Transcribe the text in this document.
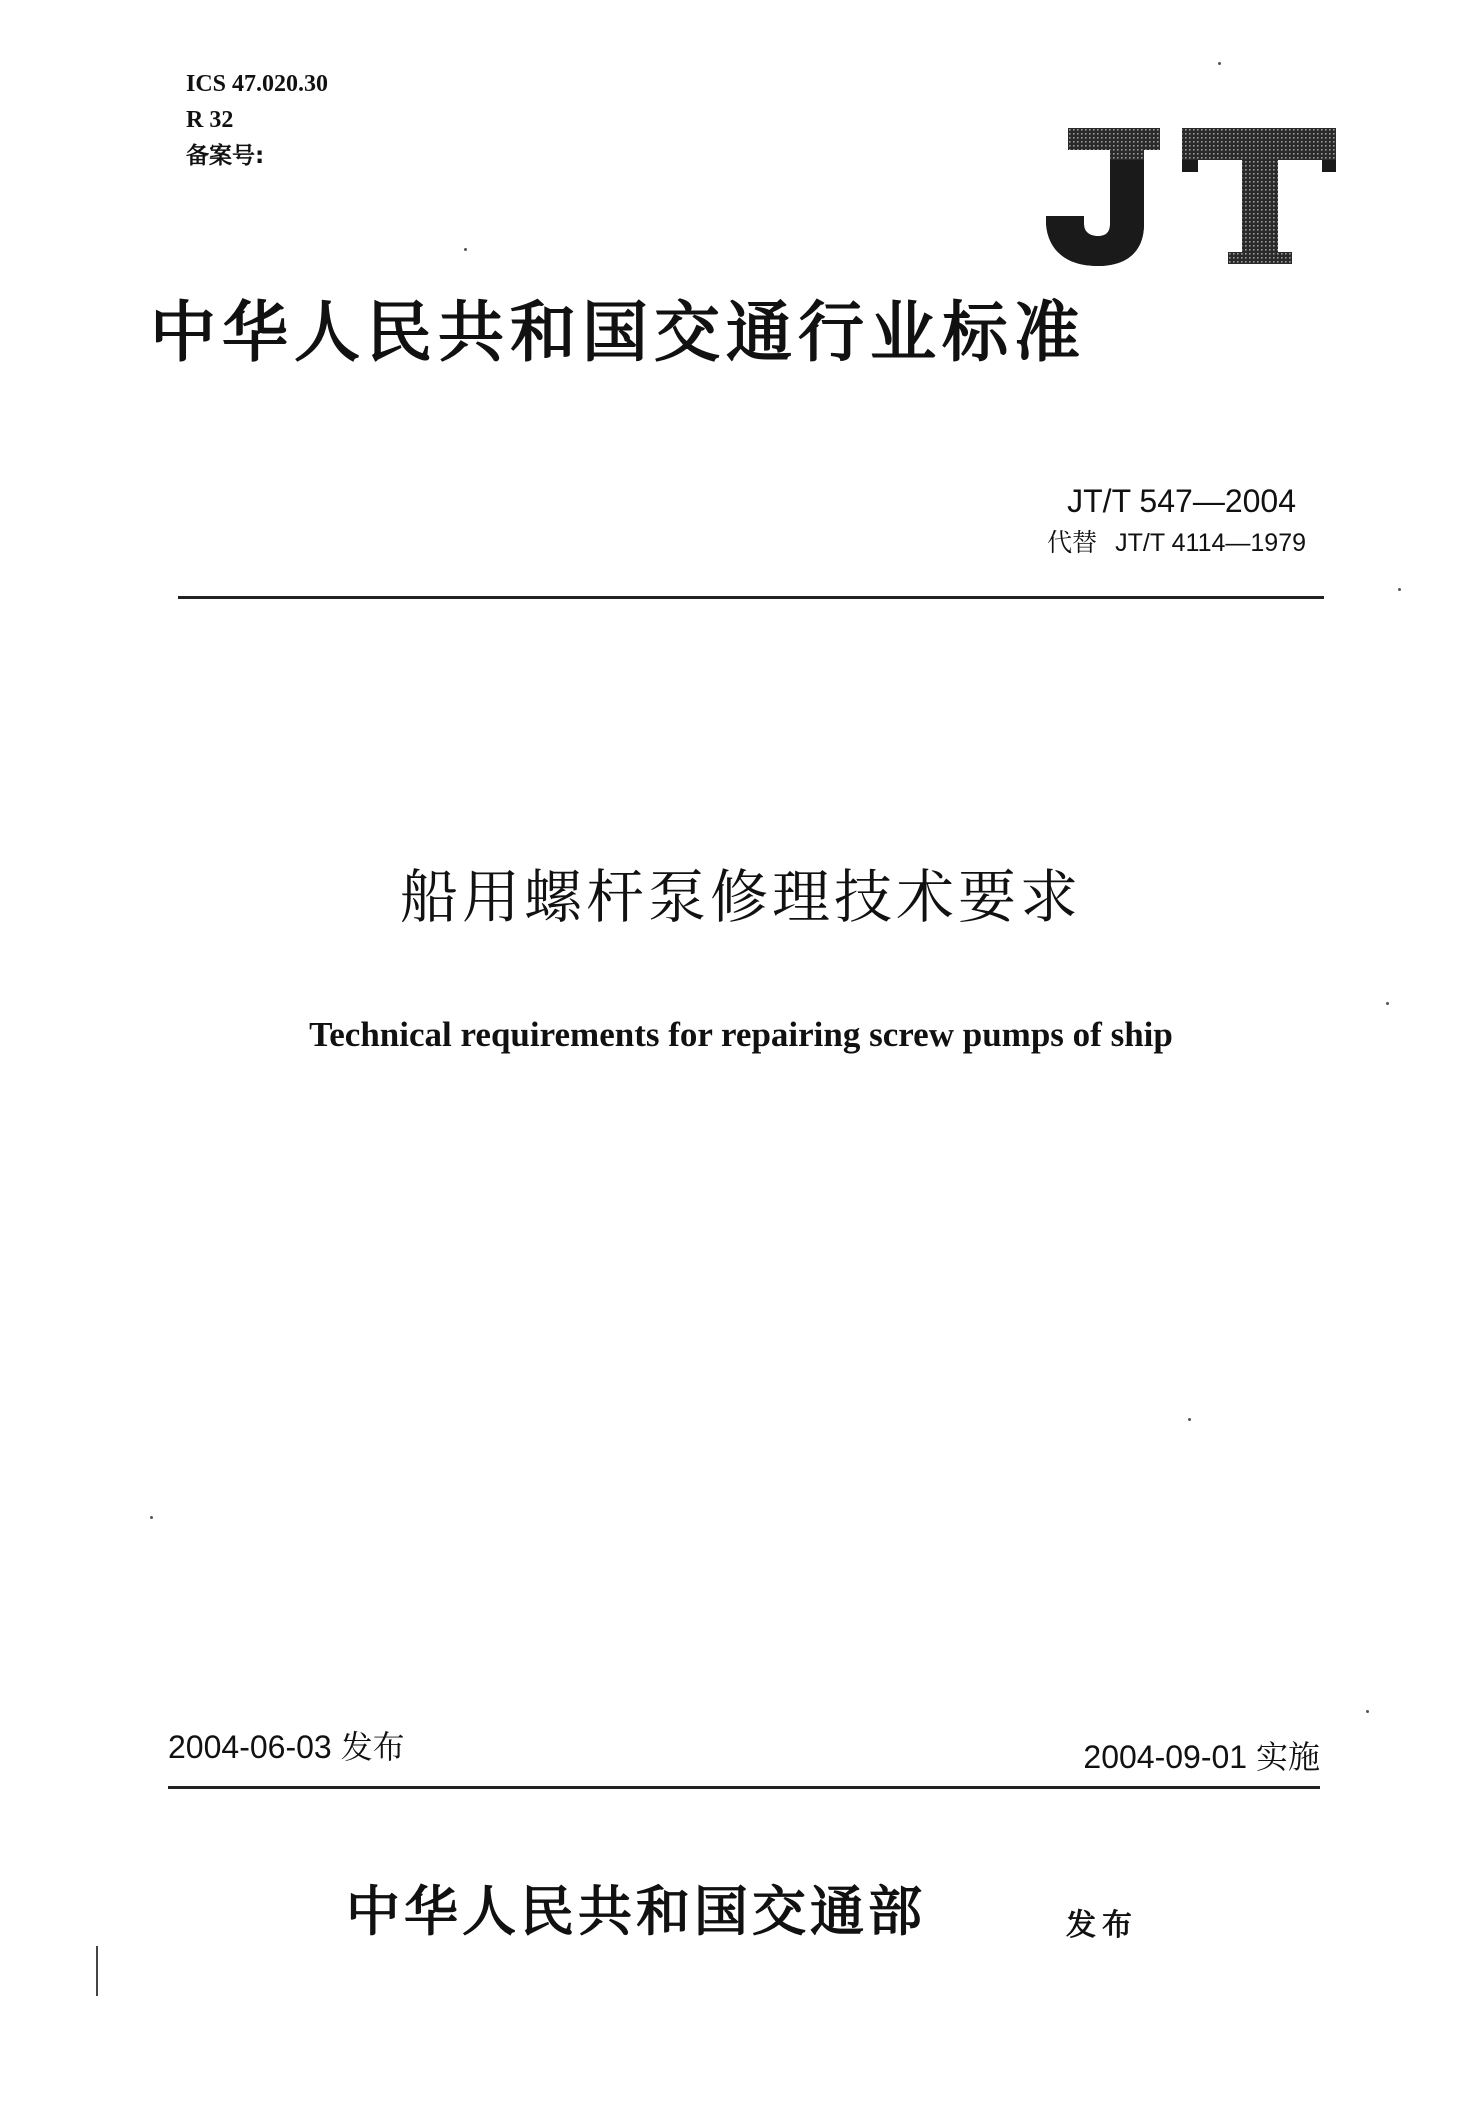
ICS 47.020.30
R 32
备案号:
中华人民共和国交通行业标准
JT/T 547—2004
代替 JT/T 4114—1979
船用螺杆泵修理技术要求
Technical requirements for repairing screw pumps of ship
2004-06-03 发布	2004-09-01 实施
中华人民共和国交通部	发布
